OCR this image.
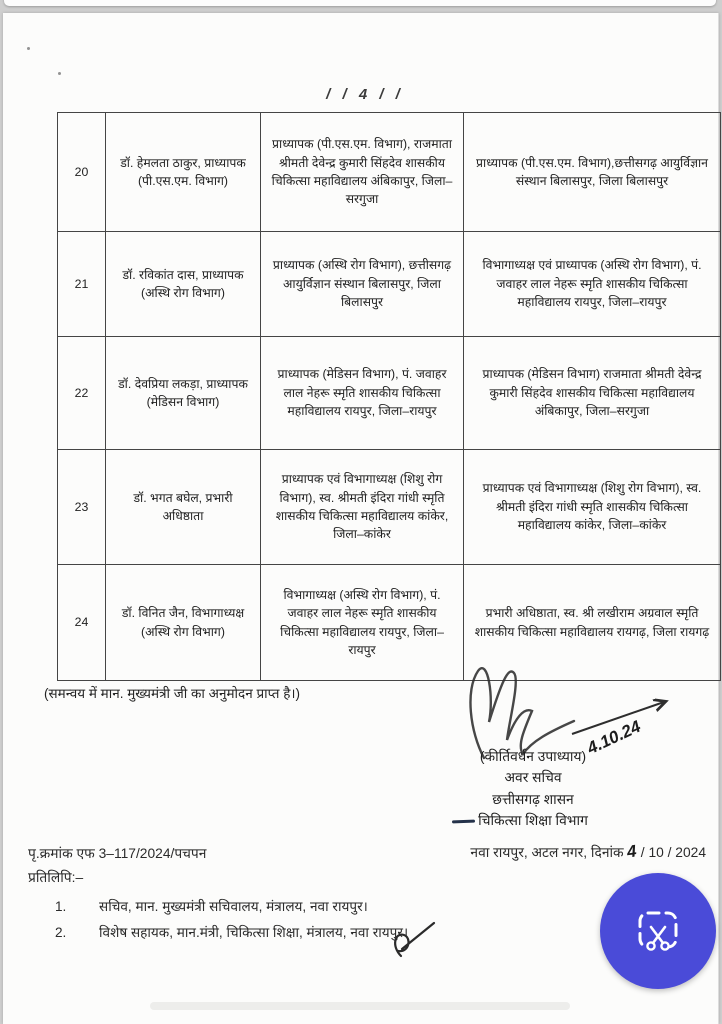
/ / 4 / /
20	डॉ. हेमलता ठाकुर, प्राध्यापक (पी.एस.एम. विभाग)	प्राध्यापक (पी.एस.एम. विभाग), राजमाता श्रीमती देवेन्द्र कुमारी सिंहदेव शासकीय चिकित्सा महाविद्यालय अंबिकापुर, जिला–सरगुजा	प्राध्यापक (पी.एस.एम. विभाग),छत्तीसगढ़ आयुर्विज्ञान संस्थान बिलासपुर, जिला बिलासपुर
21	डॉ. रविकांत दास, प्राध्यापक (अस्थि रोग विभाग)	प्राध्यापक (अस्थि रोग विभाग), छत्तीसगढ़ आयुर्विज्ञान संस्थान बिलासपुर, जिला बिलासपुर	विभागाध्यक्ष एवं प्राध्यापक (अस्थि रोग विभाग), पं. जवाहर लाल नेहरू स्मृति शासकीय चिकित्सा महाविद्यालय रायपुर, जिला–रायपुर
22	डॉ. देवप्रिया लकड़ा, प्राध्यापक (मेडिसन विभाग)	प्राध्यापक (मेडिसन विभाग), पं. जवाहर लाल नेहरू स्मृति शासकीय चिकित्सा महाविद्यालय रायपुर, जिला–रायपुर	प्राध्यापक (मेडिसन विभाग) राजमाता श्रीमती देवेन्द्र कुमारी सिंहदेव शासकीय चिकित्सा महाविद्यालय अंबिकापुर, जिला–सरगुजा
23	डॉ. भगत बघेल, प्रभारी अधिष्ठाता	प्राध्यापक एवं विभागाध्यक्ष (शिशु रोग विभाग), स्व. श्रीमती इंदिरा गांधी स्मृति शासकीय चिकित्सा महाविद्यालय कांकेर, जिला–कांकेर	प्राध्यापक एवं विभागाध्यक्ष (शिशु रोग विभाग), स्व. श्रीमती इंदिरा गांधी स्मृति शासकीय चिकित्सा महाविद्यालय कांकेर, जिला–कांकेर
24	डॉ. विनित जैन, विभागाध्यक्ष (अस्थि रोग विभाग)	विभागाध्यक्ष (अस्थि रोग विभाग), पं. जवाहर लाल नेहरू स्मृति शासकीय चिकित्सा महाविद्यालय रायपुर, जिला–रायपुर	प्रभारी अधिष्ठाता, स्व. श्री लखीराम अग्रवाल स्मृति शासकीय चिकित्सा महाविद्यालय रायगढ़, जिला रायगढ़
(समन्वय में मान. मुख्यमंत्री जी का अनुमोदन प्राप्त है।)
4.10.24
(कीर्तिवर्धन उपाध्याय)
अवर सचिव
छत्तीसगढ़ शासन
चिकित्सा शिक्षा विभाग
पृ.क्रमांक एफ 3–117/2024/पचपन	नवा रायपुर, अटल नगर, दिनांक 4 / 10 / 2024
प्रतिलिपि:–
1. सचिव, मान. मुख्यमंत्री सचिवालय, मंत्रालय, नवा रायपुर।
2. विशेष सहायक, मान.मंत्री, चिकित्सा शिक्षा, मंत्रालय, नवा रायपुर।
